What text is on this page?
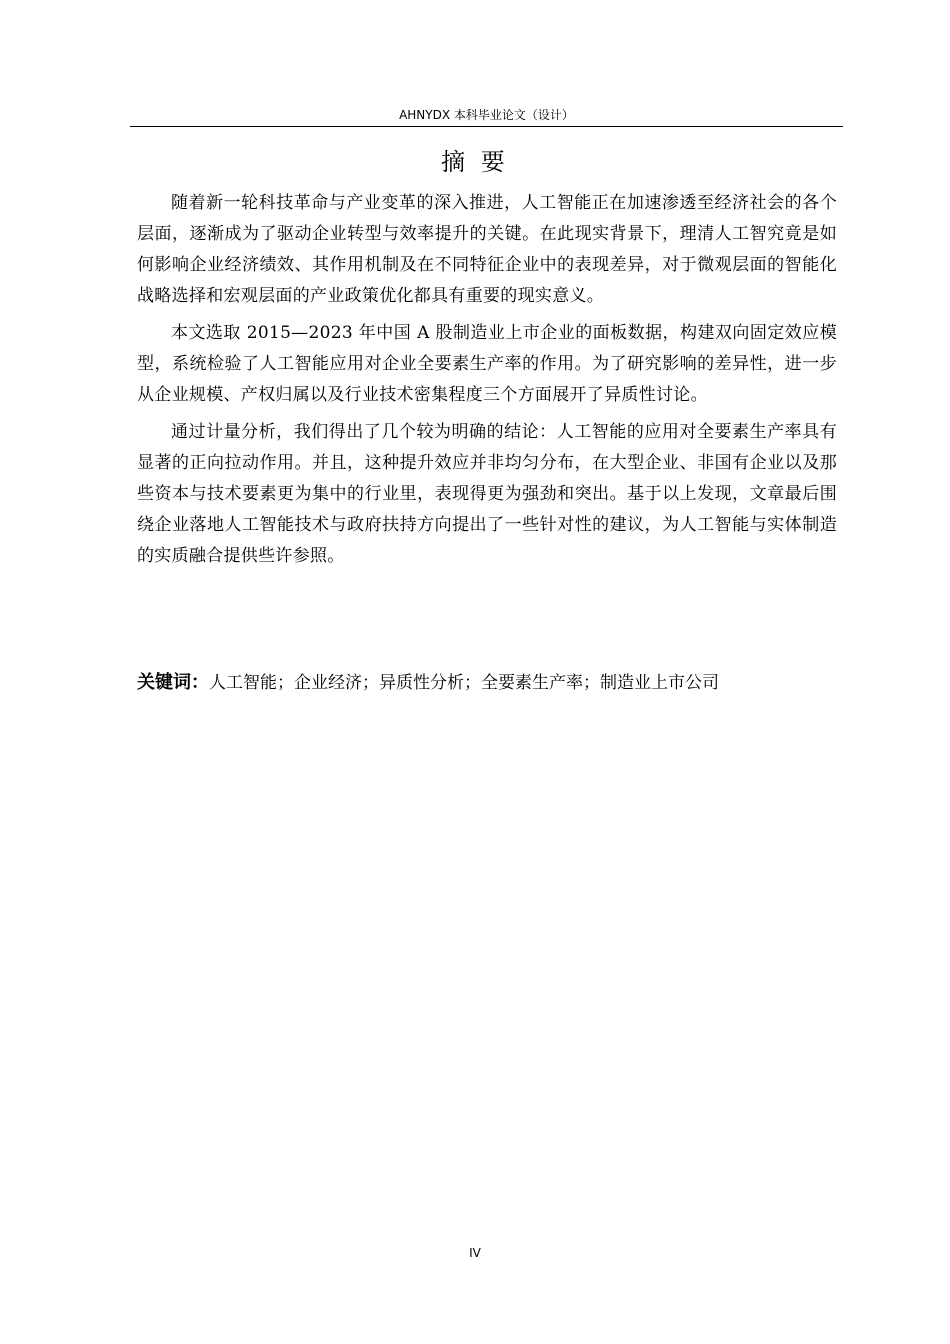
AHNYDX 本科毕业论文（设计）
摘 要

随着新一轮科技革命与产业变革的深入推进，人工智能正在加速渗透至经济社会的各个层面，逐渐成为了驱动企业转型与效率提升的关键。在此现实背景下，理清人工智究竟是如何影响企业经济绩效、其作用机制及在不同特征企业中的表现差异，对于微观层面的智能化战略选择和宏观层面的产业政策优化都具有重要的现实意义。

本文选取 2015—2023 年中国 A 股制造业上市企业的面板数据，构建双向固定效应模型，系统检验了人工智能应用对企业全要素生产率的作用。为了研究影响的差异性，进一步从企业规模、产权归属以及行业技术密集程度三个方面展开了异质性讨论。

通过计量分析，我们得出了几个较为明确的结论：人工智能的应用对全要素生产率具有显著的正向拉动作用。并且，这种提升效应并非均匀分布，在大型企业、非国有企业以及那些资本与技术要素更为集中的行业里，表现得更为强劲和突出。基于以上发现，文章最后围绕企业落地人工智能技术与政府扶持方向提出了一些针对性的建议，为人工智能与实体制造的实质融合提供些许参照。

关键词：人工智能；企业经济；异质性分析；全要素生产率；制造业上市公司
IV
